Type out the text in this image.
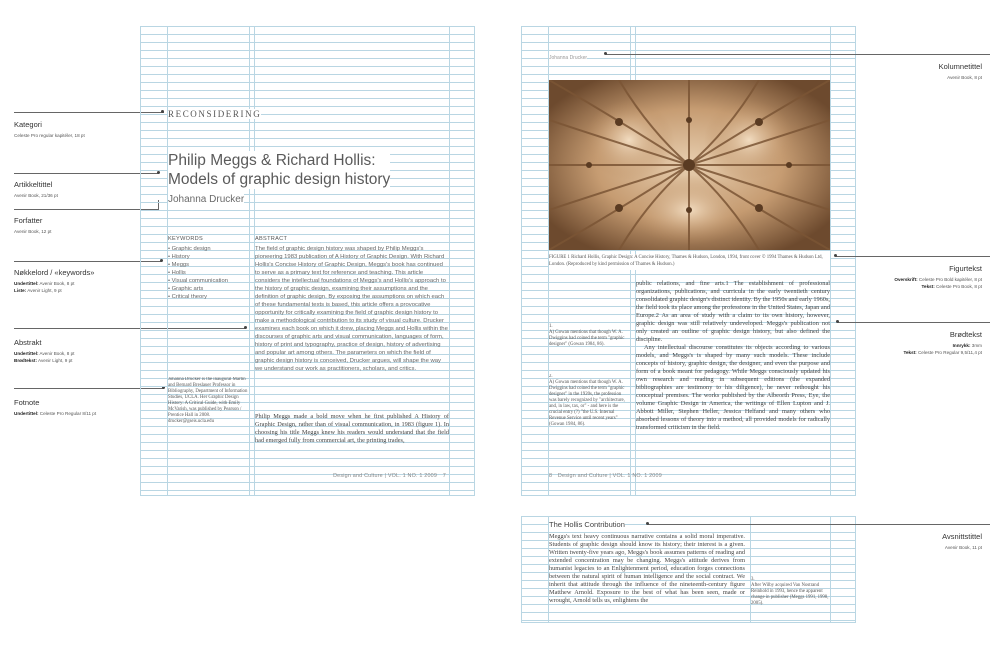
Kategori
Celeste Pro regular kapitéler, 18 pt
Artikkeltittel
Avenir Book, 21/36 pt
Forfatter
Avenir Book, 12 pt
Nøkkelord / «keywords»
Undertittel: Avenir Book, 8 pt
Liste: Avenir Light, 9 pt
Abstrakt
Undertittel: Avenir Book, 8 pt
Brødtekst: Avenir Light, 9 pt
Fotnote
Undertittel: Celeste Pro Regular 8/11 pt
RECONSIDERING
Philip Meggs & Richard Hollis:
Models of graphic design history
Johanna Drucker
KEYWORDS
• Graphic design
• History
• Meggs
• Hollis
• Visual communication
• Graphic arts
• Critical theory
ABSTRACT
The field of graphic design history was shaped by Philip Meggs's pioneering 1983 publication of A History of Graphic Design. With Richard Hollis's Concise History of Graphic Design, Meggs's book has continued to serve as a primary text for reference and teaching. This article considers the intellectual foundations of Meggs's and Hollis's approach to the history of graphic design, examining their assumptions and the definition of graphic design. By exposing the assumptions on which each of these fundamental texts is based, this article offers a provocative opportunity for critically examining the field of graphic design history to make a methodological contribution to its study of visual culture. Drucker examines each book on which it drew, placing Meggs and Hollis within the discourses of graphic arts and visual communication, languages of form, history of print and typography, practice of design, history of advertising and popular art among others. The parameters on which the field of graphic design history is conceived, Drucker argues, will shape the way we understand our work as practitioners, scholars, and critics.
Johanna Drucker is the inaugural Martin and Bernard Breslauer Professor in Bibliography, Department of Information Studies, UCLA. Her Graphic Design History: A Critical Guide, with Emily McVarish, was published by Pearson / Prentice Hall in 2008. drucker@gseis.ucla.edu
Philip Meggs made a bold move when he first published A History of Graphic Design, rather than of visual communication, in 1983 (figure 1). In choosing his title Meggs knew his readers would understand that the field had emerged fully from commercial art, the printing trades,
Design and Culture | VOL. 1 NO. 1 2009 7
Johanna Drucker
FIGURE 1 Richard Hollis, Graphic Design: A Concise History, Thames & Hudson, London, 1994, front cover © 1994 Thames & Hudson Ltd, London. (Reproduced by kind permission of Thames & Hudson.)
1.
A) Gowan mentions that though W. A. Dwiggins had coined the term "graphic designer" (Gowan 1984, 86).
2.
A) Gowan mentions that though W. A. Dwiggins had coined the term "graphic designer" in the 1920s, the profession was barely recognized by "architecture, and, in law, tax, or" - and here is the crucial entry (?) "the U.S. Internal Revenue Service until recent years" (Gowan 1984, 86).
public relations, and fine arts.1 The establishment of professional organizations, publications, and curricula in the early twentieth century consolidated graphic design's distinct identity. By the 1950s and early 1960s, the field took its place among the professions in the United States, Japan and Europe.2 As an area of study with a claim to its own history, however, graphic design was still relatively undeveloped. Meggs's publication not only created an outline of graphic design history, but also defined the discipline.
Any intellectual discourse constitutes its objects according to various models, and Meggs's is shaped by many such models. These include concepts of history, graphic design, the designer, and even the purpose and form of a book meant for pedagogy. While Meggs consciously updated his own research and reading in subsequent editions (the expanded bibliographies are testimony to his diligence), he never rethought his conceptual premises. The works published by the Albeorth Press, Eye, the volume Graphic Design in America, the writings of Ellen Lupton and J. Abbott Miller, Stephen Heller, Jessica Helfand and many others who absorbed lessons of theory into a method, all provided models for radically transformed criticism in the field.
8 Design and Culture | VOL. 1 NO. 1 2009
The Hollis Contribution
Meggs's text heavy continuous narrative contains a solid moral imperative. Students of graphic design should know its history; their interest is a given. Written twenty-five years ago, Meggs's book assumes patterns of reading and extended concentration may be changing. Meggs's attitude derives from humanist legacies to an Enlightenment period, education forges connections between the natural spirit of human intelligence and the social contract. We inherit that attitude through the influence of the nineteenth-century figure Matthew Arnold. Exposure to the best of what has been seen, made or wrought, Arnold tells us, enlightens the
3.
After Wilby acquired Van Nostrand Reinhold in 1993, hence the apparent change in publisher (Meggs 1991, 1998, 2005).
Kolumnetittel
Avenir Book, 8 pt
Figurtekst
Overskrift: Celeste Pro Bold kapitéler, 8 pt
Tekst: Celeste Pro Book, 8 pt
Brødtekst
Innrykk: 3mm
Tekst: Celeste Pro Regular 9,5/11,4 pt
Avsnittstittel
Avenir Book, 11 pt
